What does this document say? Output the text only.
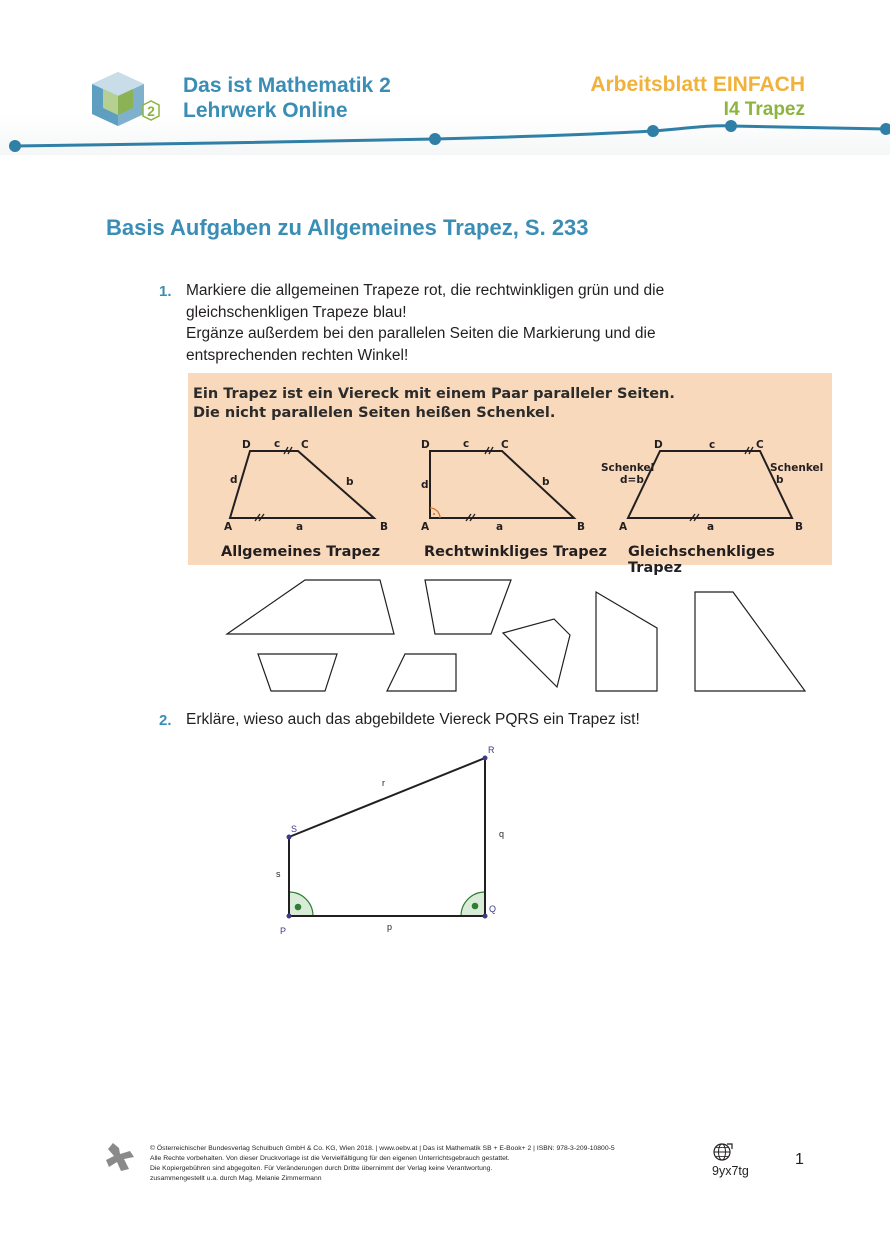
2
Das ist Mathematik 2
Lehrwerk Online
Arbeitsblatt EINFACH
I4 Trapez
Basis Aufgaben zu Allgemeines Trapez, S. 233
1. Markiere die allgemeinen Trapeze rot, die rechtwinkligen grün und die
gleichschenkligen Trapeze blau!
Ergänze außerdem bei den parallelen Seiten die Markierung und die
entsprechenden rechten Winkel!
Ein Trapez ist ein Viereck mit einem Paar paralleler Seiten.
Die nicht parallelen Seiten heißen Schenkel.
A	B
C
D
a
b
c
d
A	B
C
D
a
b
c
d
A	B
C
D
a
c
Schenkel
d=b
Schenkel
b
Allgemeines Trapez	Rechtwinkliges Trapez Gleichschenkliges Trapez
2. Erkläre, wieso auch das abgebildete Viereck PQRS ein Trapez ist!
P
Q
R
S
p
q
r
s
© Österreichischer Bundesverlag Schulbuch GmbH & Co. KG, Wien 2018. | www.oebv.at | Das ist Mathematik SB + E-Book+ 2 | ISBN: 978-3-209-10800-5
Alle Rechte vorbehalten. Von dieser Druckvorlage ist die Vervielfältigung für den eigenen Unterrichtsgebrauch gestattet.
Die Kopiergebühren sind abgegolten. Für Veränderungen durch Dritte übernimmt der Verlag keine Verantwortung.
zusammengestellt u.a. durch Mag. Melanie Zimmermann
9yx7tg
1
